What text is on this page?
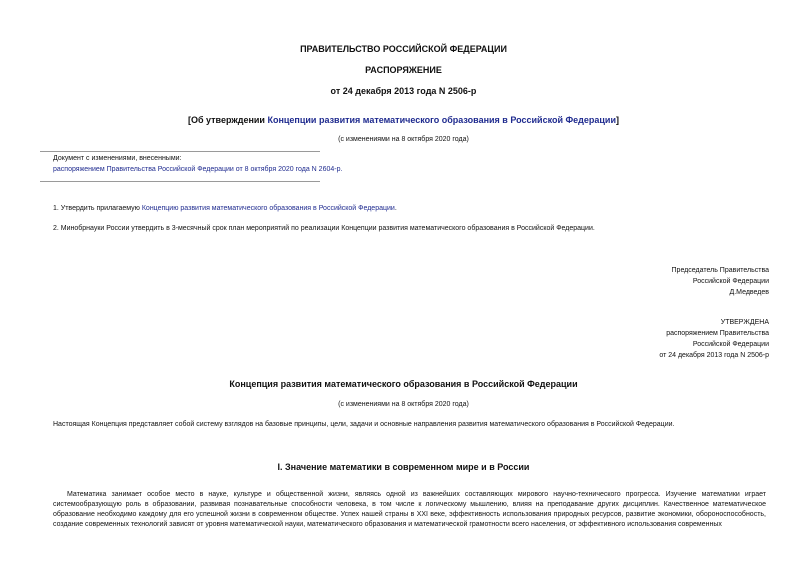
ПРАВИТЕЛЬСТВО РОССИЙСКОЙ ФЕДЕРАЦИИ
РАСПОРЯЖЕНИЕ
от 24 декабря 2013 года N 2506-р
[Об утверждении Концепции развития математического образования в Российской Федерации]
(с изменениями на 8 октября 2020 года)
Документ с изменениями, внесенными:
распоряжением Правительства Российской Федерации от 8 октября 2020 года N 2604-р.
1. Утвердить прилагаемую Концепцию развития математического образования в Российской Федерации.
2. Минобрнауки России утвердить в 3-месячный срок план мероприятий по реализации Концепции развития математического образования в Российской Федерации.
Председатель Правительства
Российской Федерации
Д.Медведев
УТВЕРЖДЕНА
распоряжением Правительства
Российской Федерации
от 24 декабря 2013 года N 2506-р
Концепция развития математического образования в Российской Федерации
(с изменениями на 8 октября 2020 года)
Настоящая Концепция представляет собой систему взглядов на базовые принципы, цели, задачи и основные направления развития математического образования в Российской Федерации.
I. Значение математики в современном мире и в России
Математика занимает особое место в науке, культуре и общественной жизни, являясь одной из важнейших составляющих мирового научно-технического прогресса. Изучение математики играет системообразующую роль в образовании, развивая познавательные способности человека, в том числе к логическому мышлению, влияя на преподавание других дисциплин. Качественное математическое образование необходимо каждому для его успешной жизни в современном обществе. Успех нашей страны в XXI веке, эффективность использования природных ресурсов, развитие экономики, обороноспособность, создание современных технологий зависят от уровня математической науки, математического образования и математической грамотности всего населения, от эффективного использования современных
